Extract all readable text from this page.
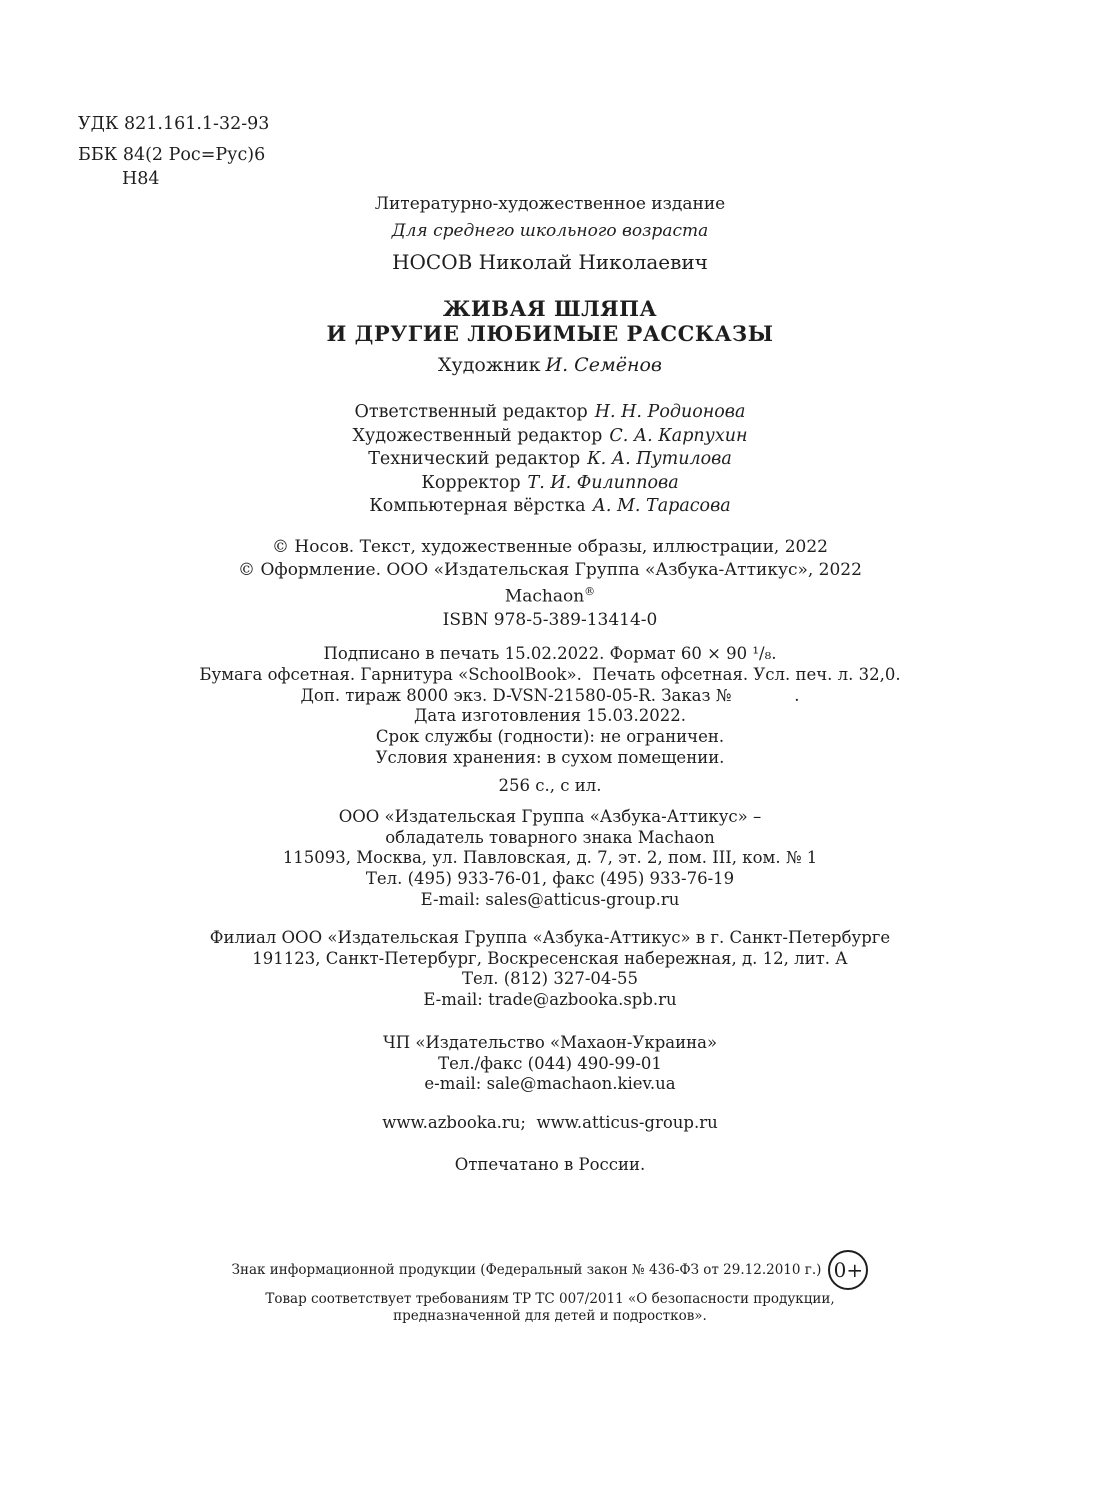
УДК 821.161.1-32-93
ББК 84(2 Рос=Рус)6
Н84
Литературно-художественное издание
Для среднего школьного возраста
НОСОВ Николай Николаевич
ЖИВАЯ ШЛЯПА
И ДРУГИЕ ЛЮБИМЫЕ РАССКАЗЫ
Художник И. Семёнов
Ответственный редактор Н. Н. Родионова
Художественный редактор С. А. Карпухин
Технический редактор К. А. Путилова
Корректор Т. И. Филиппова
Компьютерная вёрстка А. М. Тарасова
© Носов. Текст, художественные образы, иллюстрации, 2022
© Оформление. ООО «Издательская Группа «Азбука-Аттикус», 2022
Machaon®
ISBN 978-5-389-13414-0
Подписано в печать 15.02.2022. Формат 60 × 90 ¹/₈.
Бумага офсетная. Гарнитура «SchoolBook».  Печать офсетная. Усл. печ. л. 32,0.
Доп. тираж 8000 экз. D-VSN-21580-05-R. Заказ №            .
Дата изготовления 15.03.2022.
Срок службы (годности): не ограничен.
Условия хранения: в сухом помещении.
256 с., с ил.
ООО «Издательская Группа «Азбука-Аттикус» –
обладатель товарного знака Machaon
115093, Москва, ул. Павловская, д. 7, эт. 2, пом. III, ком. № 1
Тел. (495) 933-76-01, факс (495) 933-76-19
E-mail: sales@atticus-group.ru
Филиал ООО «Издательская Группа «Азбука-Аттикус» в г. Санкт-Петербурге
191123, Санкт-Петербург, Воскресенская набережная, д. 12, лит. А
Тел. (812) 327-04-55
E-mail: trade@azbooka.spb.ru
ЧП «Издательство «Махаон-Украина»
Тел./факс (044) 490-99-01
e-mail: sale@machaon.kiev.ua
www.azbooka.ru;  www.atticus-group.ru
Отпечатано в России.
Знак информационной продукции (Федеральный закон № 436-ФЗ от 29.12.2010 г.) 0+
Товар соответствует требованиям ТР ТС 007/2011 «О безопасности продукции,
предназначенной для детей и подростков».
